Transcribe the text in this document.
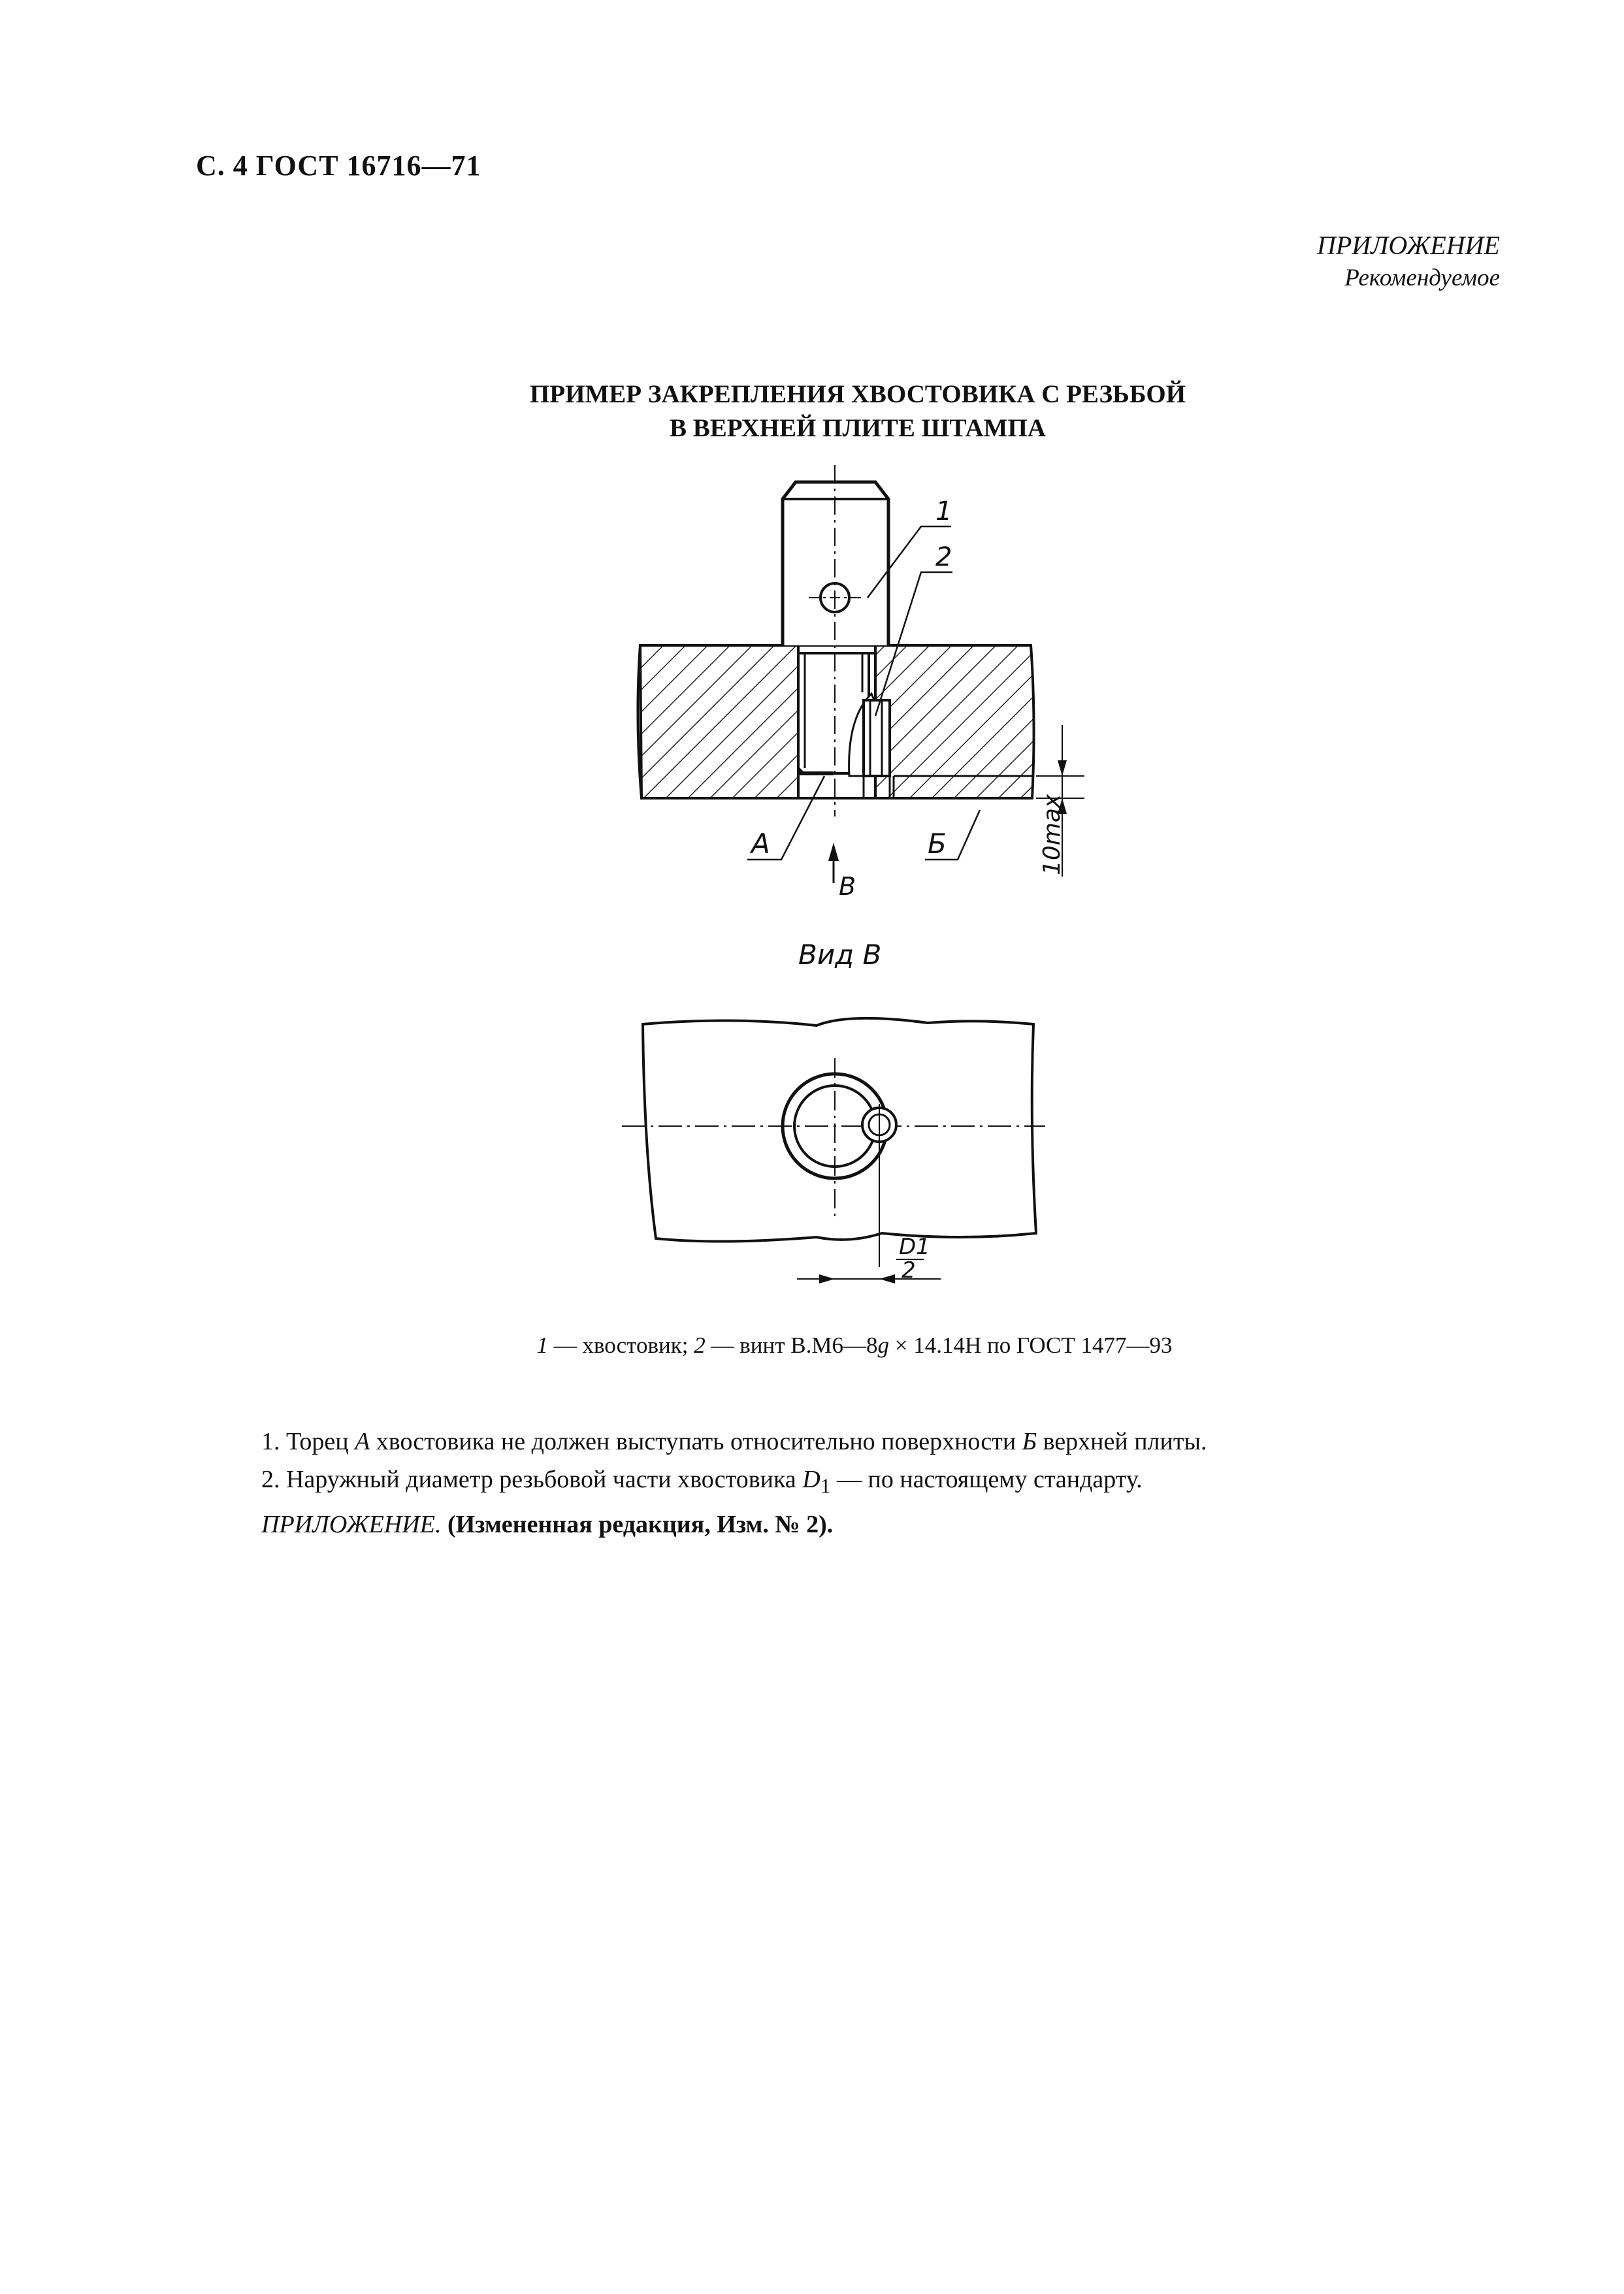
С. 4 ГОСТ 16716—71
ПРИЛОЖЕНИЕ
Рекомендуемое
ПРИМЕР ЗАКРЕПЛЕНИЯ ХВОСТОВИКА С РЕЗЬБОЙ
В ВЕРХНЕЙ ПЛИТЕ ШТАМПА
1
2
А	Б
В
10max
Вид В
D1
2
1 — хвостовик; 2 — винт В.М6—8g × 14.14Н по ГОСТ 1477—93
1. Торец А хвостовика не должен выступать относительно поверхности Б верхней плиты.
2. Наружный диаметр резьбовой части хвостовика $D_1$ — по настоящему стандарту.
ПРИЛОЖЕНИЕ. (Измененная редакция, Изм. № 2).
